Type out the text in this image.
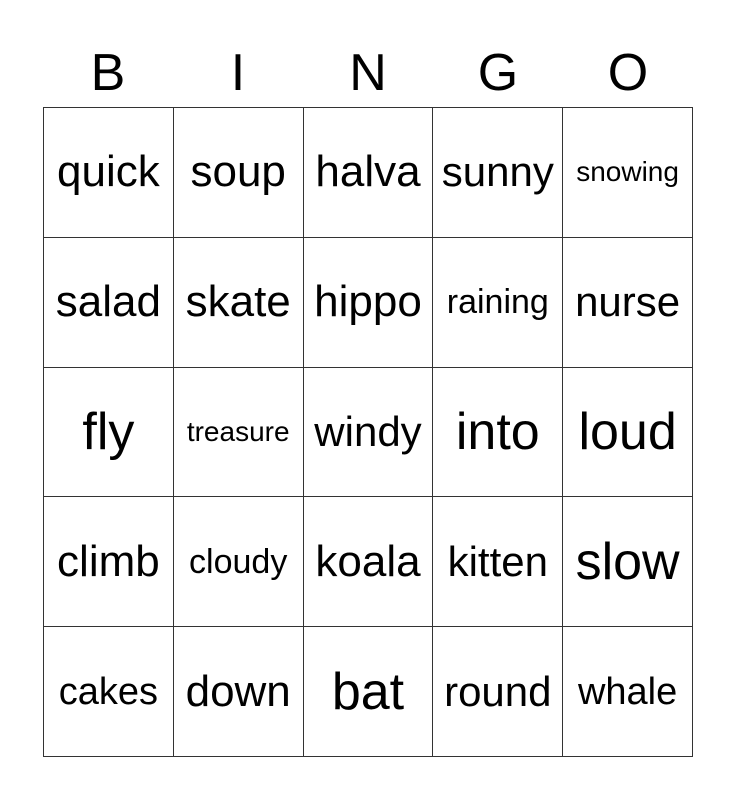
B	I	N	G	O
quick soup halva sunny snowing
salad skate hippo raining nurse
fly	treasure windy into loud
climb cloudy koala kitten slow
cakes down bat round whale
